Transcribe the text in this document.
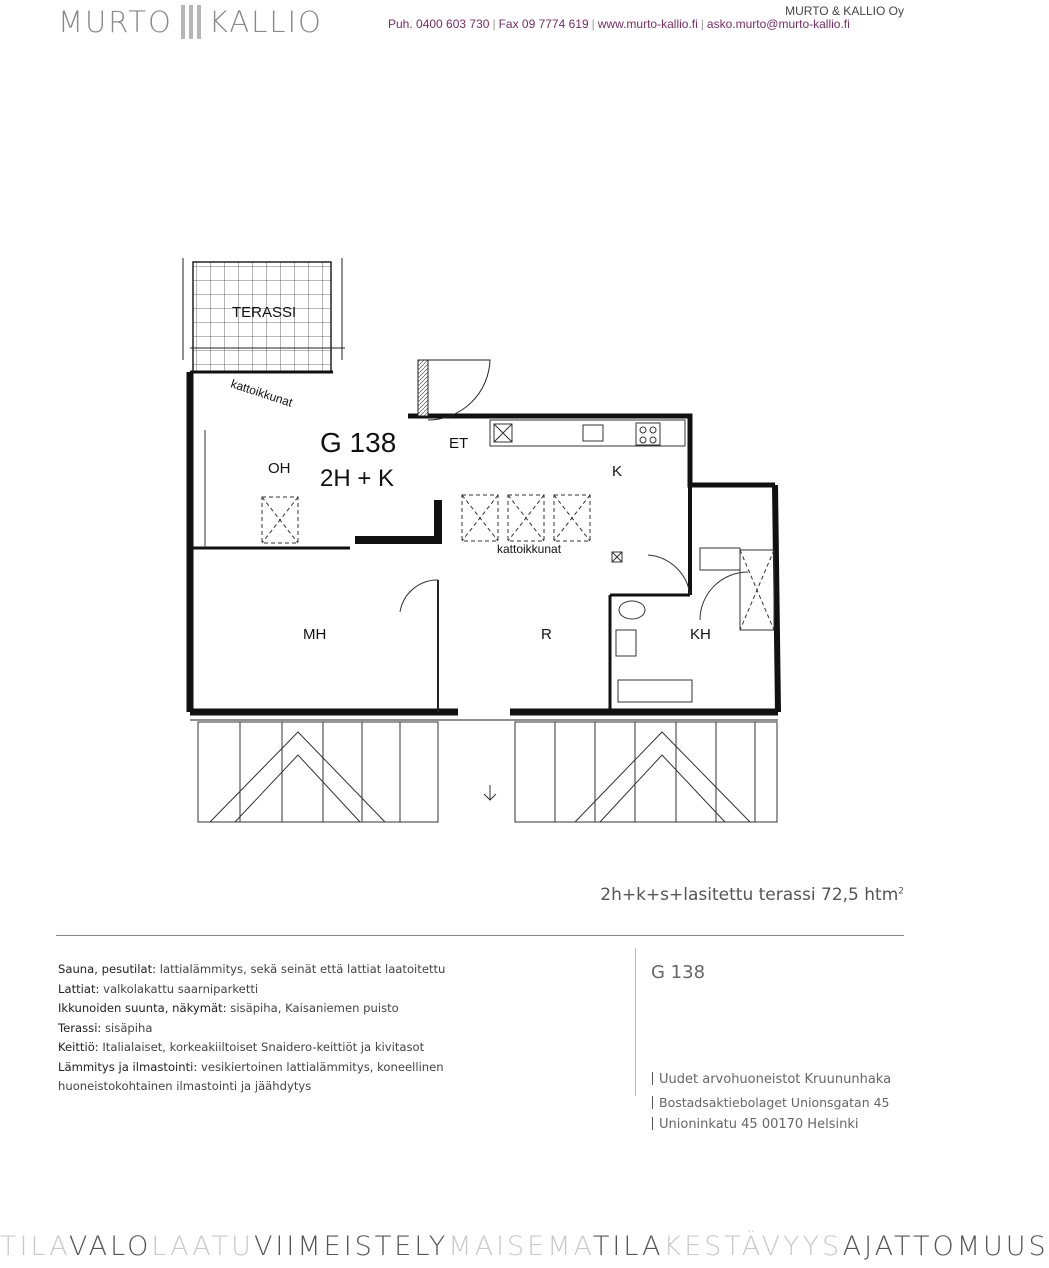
MURTO KALLIO	MURTO & KALLIO Oy
Puh. 0400 603 730 | Fax 09 7774 619 | www.murto-kallio.fi | asko.murto@murto-kallio.fi
TERASSI
kattoikkunat
G 138
2H + K
OH
ET
K
kattoikkunat
MH	R	KH
2h+k+s+lasitettu terassi 72,5 htm$^2$
Sauna, pesutilat: lattialämmitys, sekä seinät että lattiat laatoitettu
Lattiat: valkolakattu saarniparketti
Ikkunoiden suunta, näkymät: sisäpiha, Kaisaniemen puisto
Terassi: sisäpiha
Keittiö: Italialaiset, korkeakiiltoiset Snaidero-keittiöt ja kivitasot
Lämmitys ja ilmastointi: vesikiertoinen lattialämmitys, koneellinen
huoneistokohtainen ilmastointi ja jäähdytys
G 138
Uudet arvohuoneistot Kruununhaka
Bostadsaktiebolaget Unionsgatan 45
Unioninkatu 45 00170 Helsinki
TILAVALOLAATUVIIMEISTELYMAISEMATILAKESTÄVYYSAJATTOMUUS
